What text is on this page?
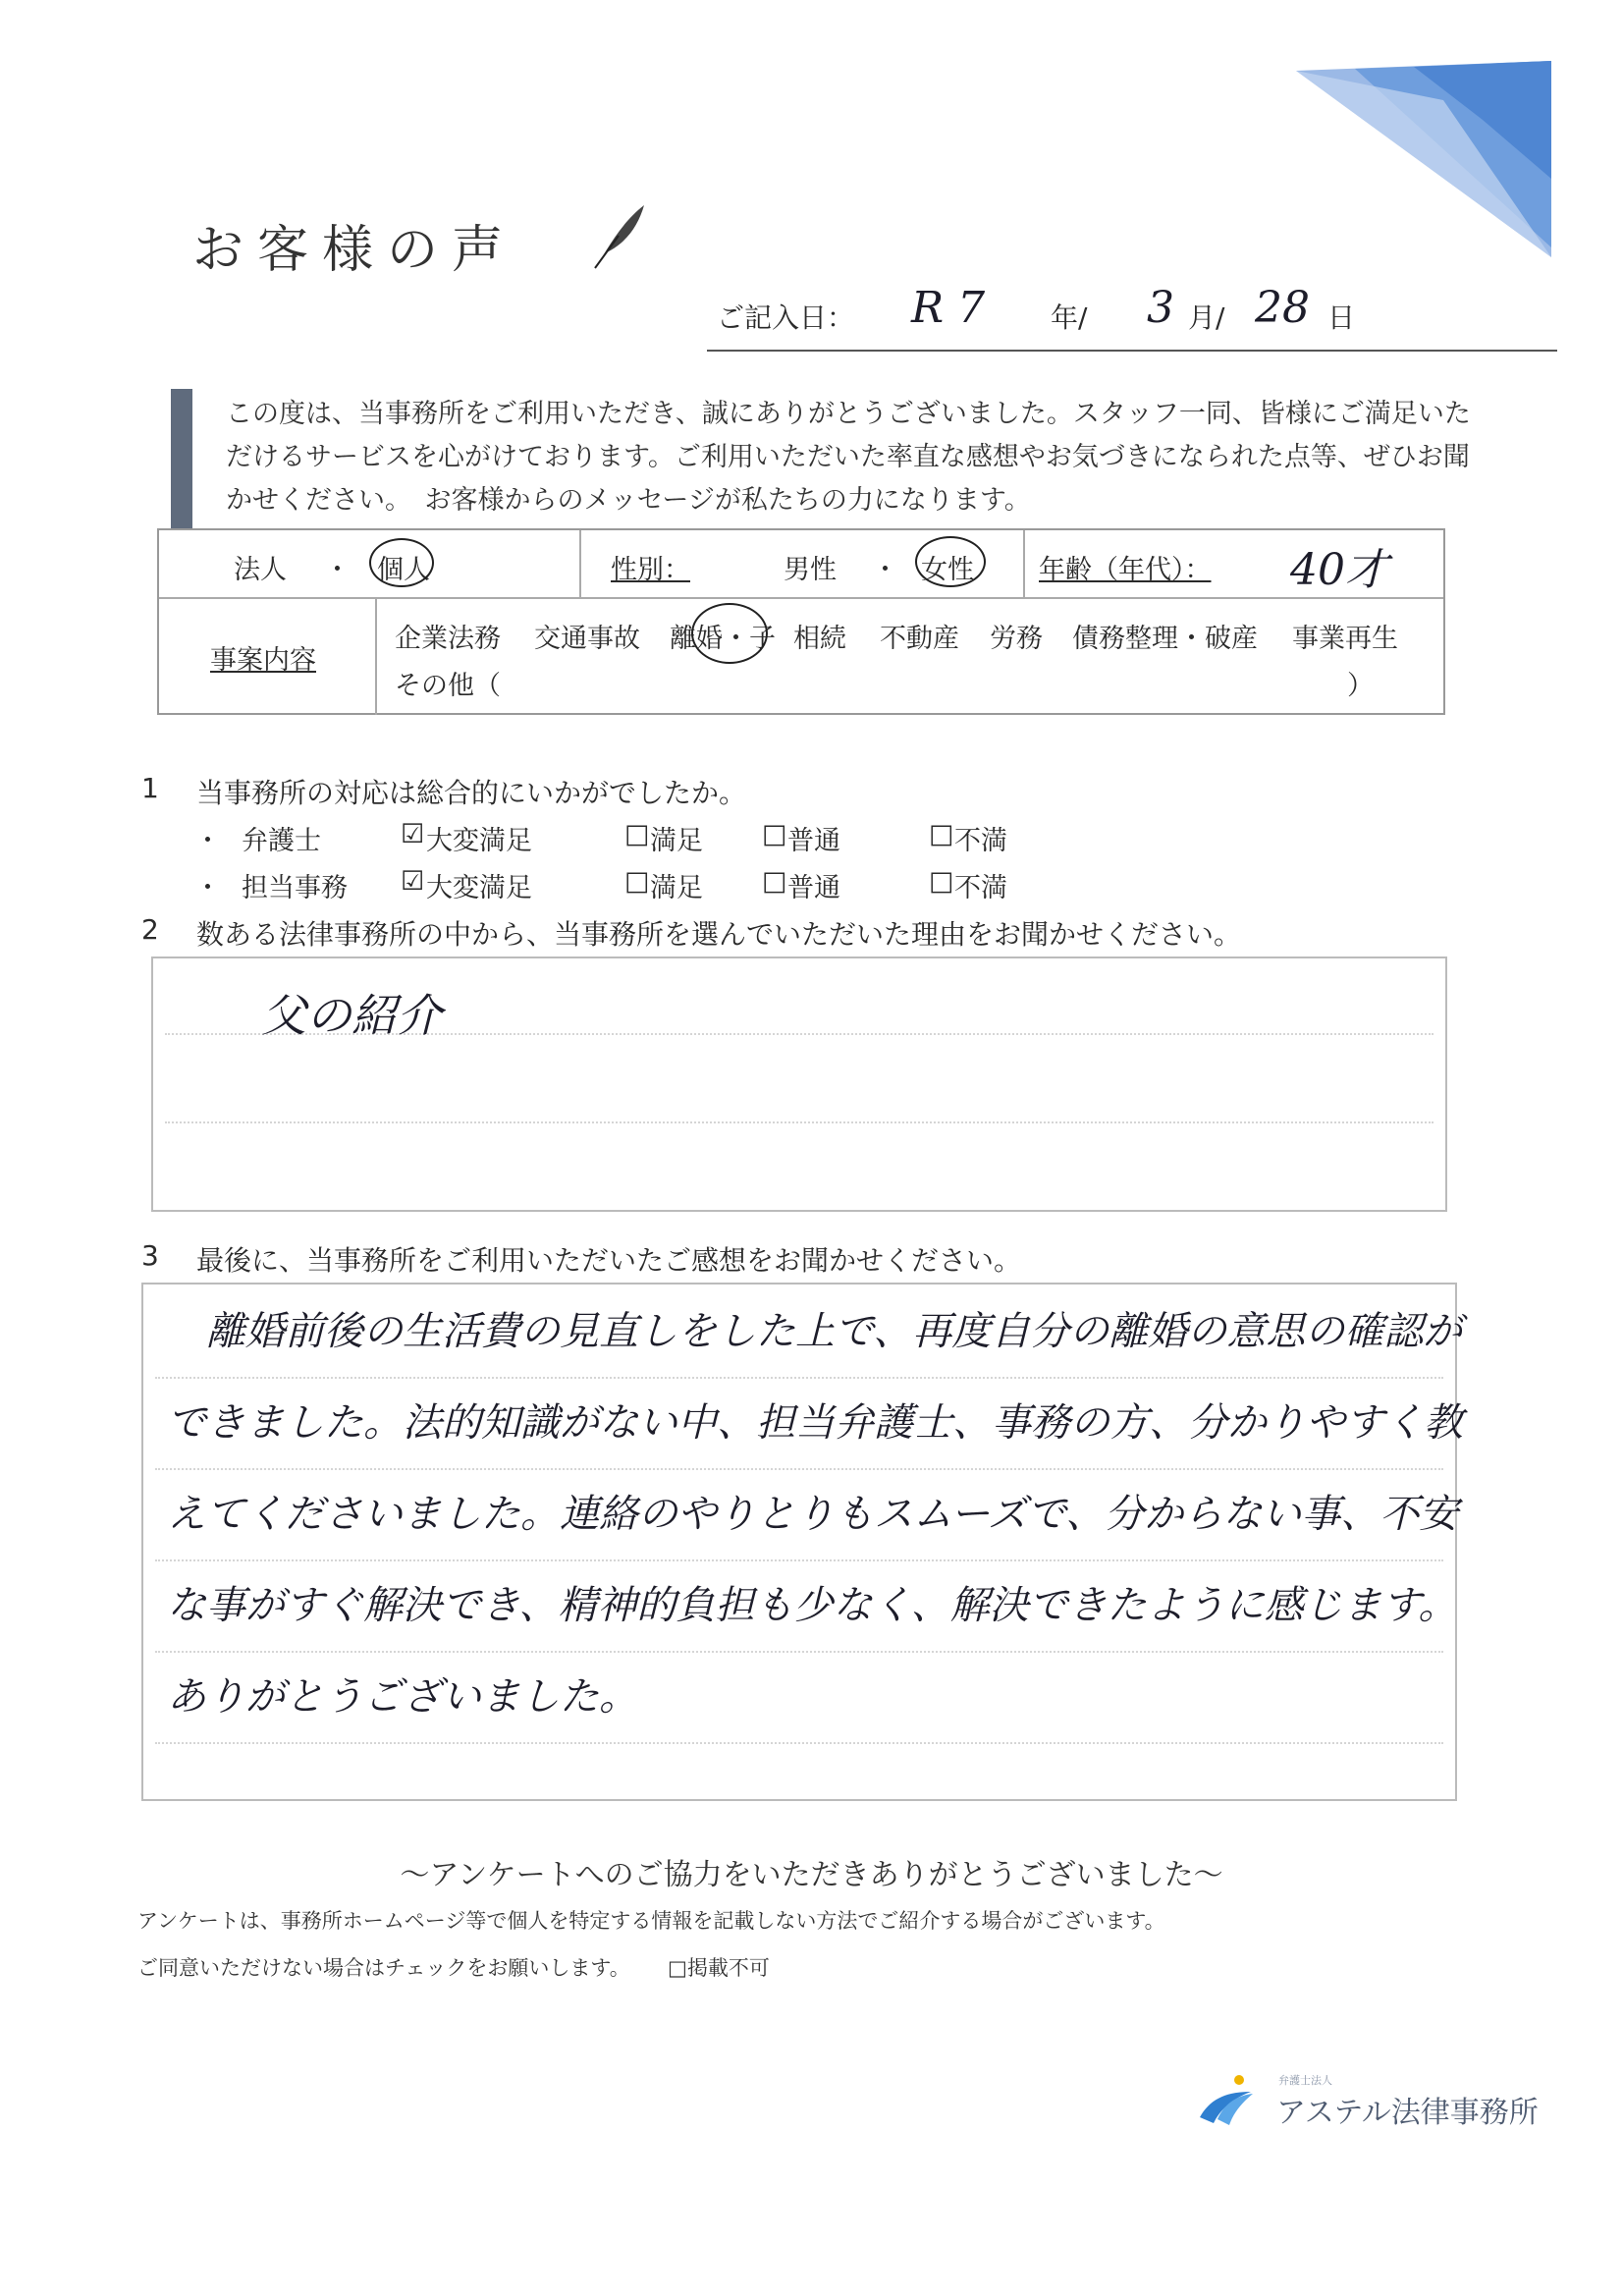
お客様の声
ご記入日： R 7 年/ 3 月/ 28 日
この度は、当事務所をご利用いただき、誠にありがとうございました。スタッフ一同、皆様にご満足いただけるサービスを心がけております。ご利用いただいた率直な感想やお気づきになられた点等、ぜひお聞かせください。　お客様からのメッセージが私たちの力になります。
法人 ・ 個人	性別：	男性 ・ 女性 年齢（年代）： 40才
事案内容
企業法務 交通事故 離婚・子 相続 不動産 労務 債務整理・破産 事業再生
その他（	）
1 当事務所の対応は総合的にいかがでしたか。
・ 弁護士	☑ 大変満足	□ 満足 □ 普通	□ 不満
・ 担当事務 ☑ 大変満足	□ 満足 □ 普通	□ 不満
2 数ある法律事務所の中から、当事務所を選んでいただいた理由をお聞かせください。
父の紹介
3 最後に、当事務所をご利用いただいたご感想をお聞かせください。
　離婚前後の生活費の見直しをした上で、再度自分の離婚の意思の確認ができました。法的知識がない中、担当弁護士、事務の方、分かりやすく教えてくださいました。連絡のやりとりもスムーズで、分からない事、不安な事がすぐ解決でき、精神的負担も少なく、解決できたように感じます。ありがとうございました。
〜アンケートへのご協力をいただきありがとうございました〜
アンケートは、事務所ホームページ等で個人を特定する情報を記載しない方法でご紹介する場合がございます。
ご同意いただけない場合はチェックをお願いします。 □掲載不可
弁護士法人
アステル法律事務所
